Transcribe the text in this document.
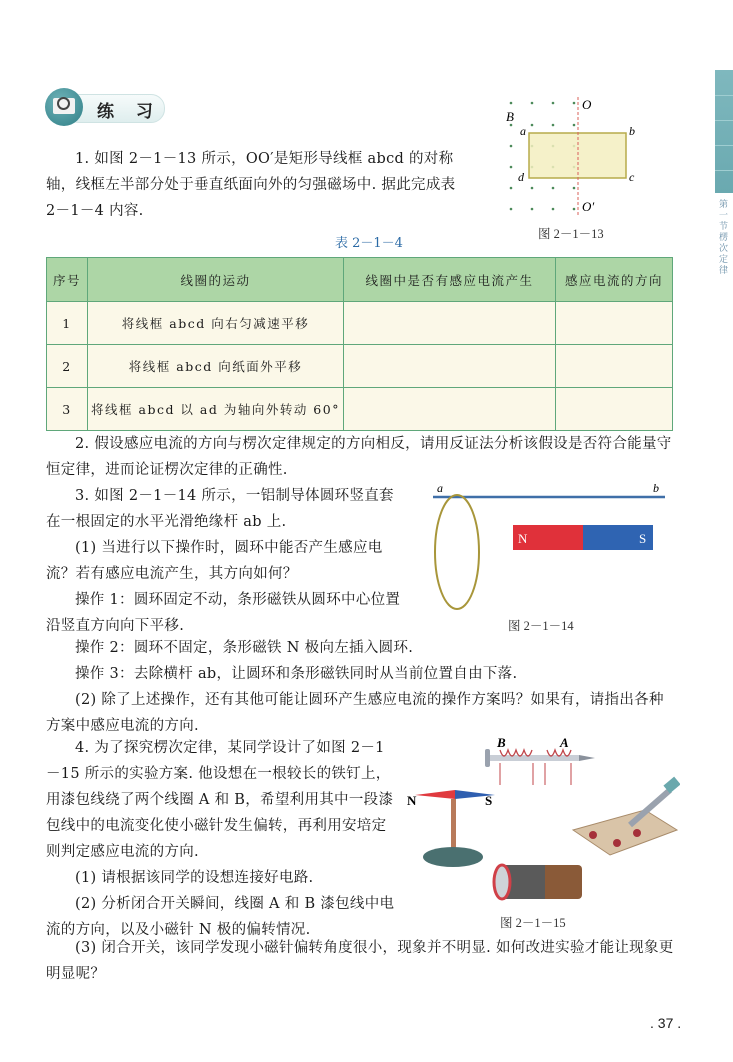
第一节 楞次定律
练 习

1. 如图 2－1－13 所示，OO′是矩形导线框 abcd 的对称轴，线框左半部分处于垂直纸面向外的匀强磁场中. 据此完成表 2－1－4 内容.

B
O
O′
a	b
c
d
图 2－1－13
表 2－1－4
序号	线圈的运动	线圈中是否有感应电流产生	感应电流的方向
1	将线框 abcd 向右匀减速平移		
2	将线框 abcd 向纸面外平移		
3	将线框 abcd 以 ad 为轴向外转动 60°		

2. 假设感应电流的方向与楞次定律规定的方向相反，请用反证法分析该假设是否符合能量守恒定律，进而论证楞次定律的正确性.

3. 如图 2－1－14 所示，一铝制导体圆环竖直套在一根固定的水平光滑绝缘杆 ab 上.

(1) 当进行以下操作时，圆环中能否产生感应电流？若有感应电流产生，其方向如何？

操作 1：圆环固定不动，条形磁铁从圆环中心位置沿竖直方向向下平移.

操作 2：圆环不固定，条形磁铁 N 极向左插入圆环.

操作 3：去除横杆 ab，让圆环和条形磁铁同时从当前位置自由下落.

(2) 除了上述操作，还有其他可能让圆环产生感应电流的操作方案吗？如果有，请指出各种方案中感应电流的方向.

a	b
N	S
图 2－1－14

4. 为了探究楞次定律，某同学设计了如图 2－1－15 所示的实验方案. 他设想在一根较长的铁钉上，用漆包线绕了两个线圈 A 和 B，希望利用其中一段漆包线中的电流变化使小磁针发生偏转，再利用安培定则判定感应电流的方向.

(1) 请根据该同学的设想连接好电路.

(2) 分析闭合开关瞬间，线圈 A 和 B 漆包线中电流的方向，以及小磁针 N 极的偏转情况.

(3) 闭合开关，该同学发现小磁针偏转角度很小，现象并不明显. 如何改进实验才能让现象更明显呢？

B	A
N	S
图 2－1－15
. 37 .
